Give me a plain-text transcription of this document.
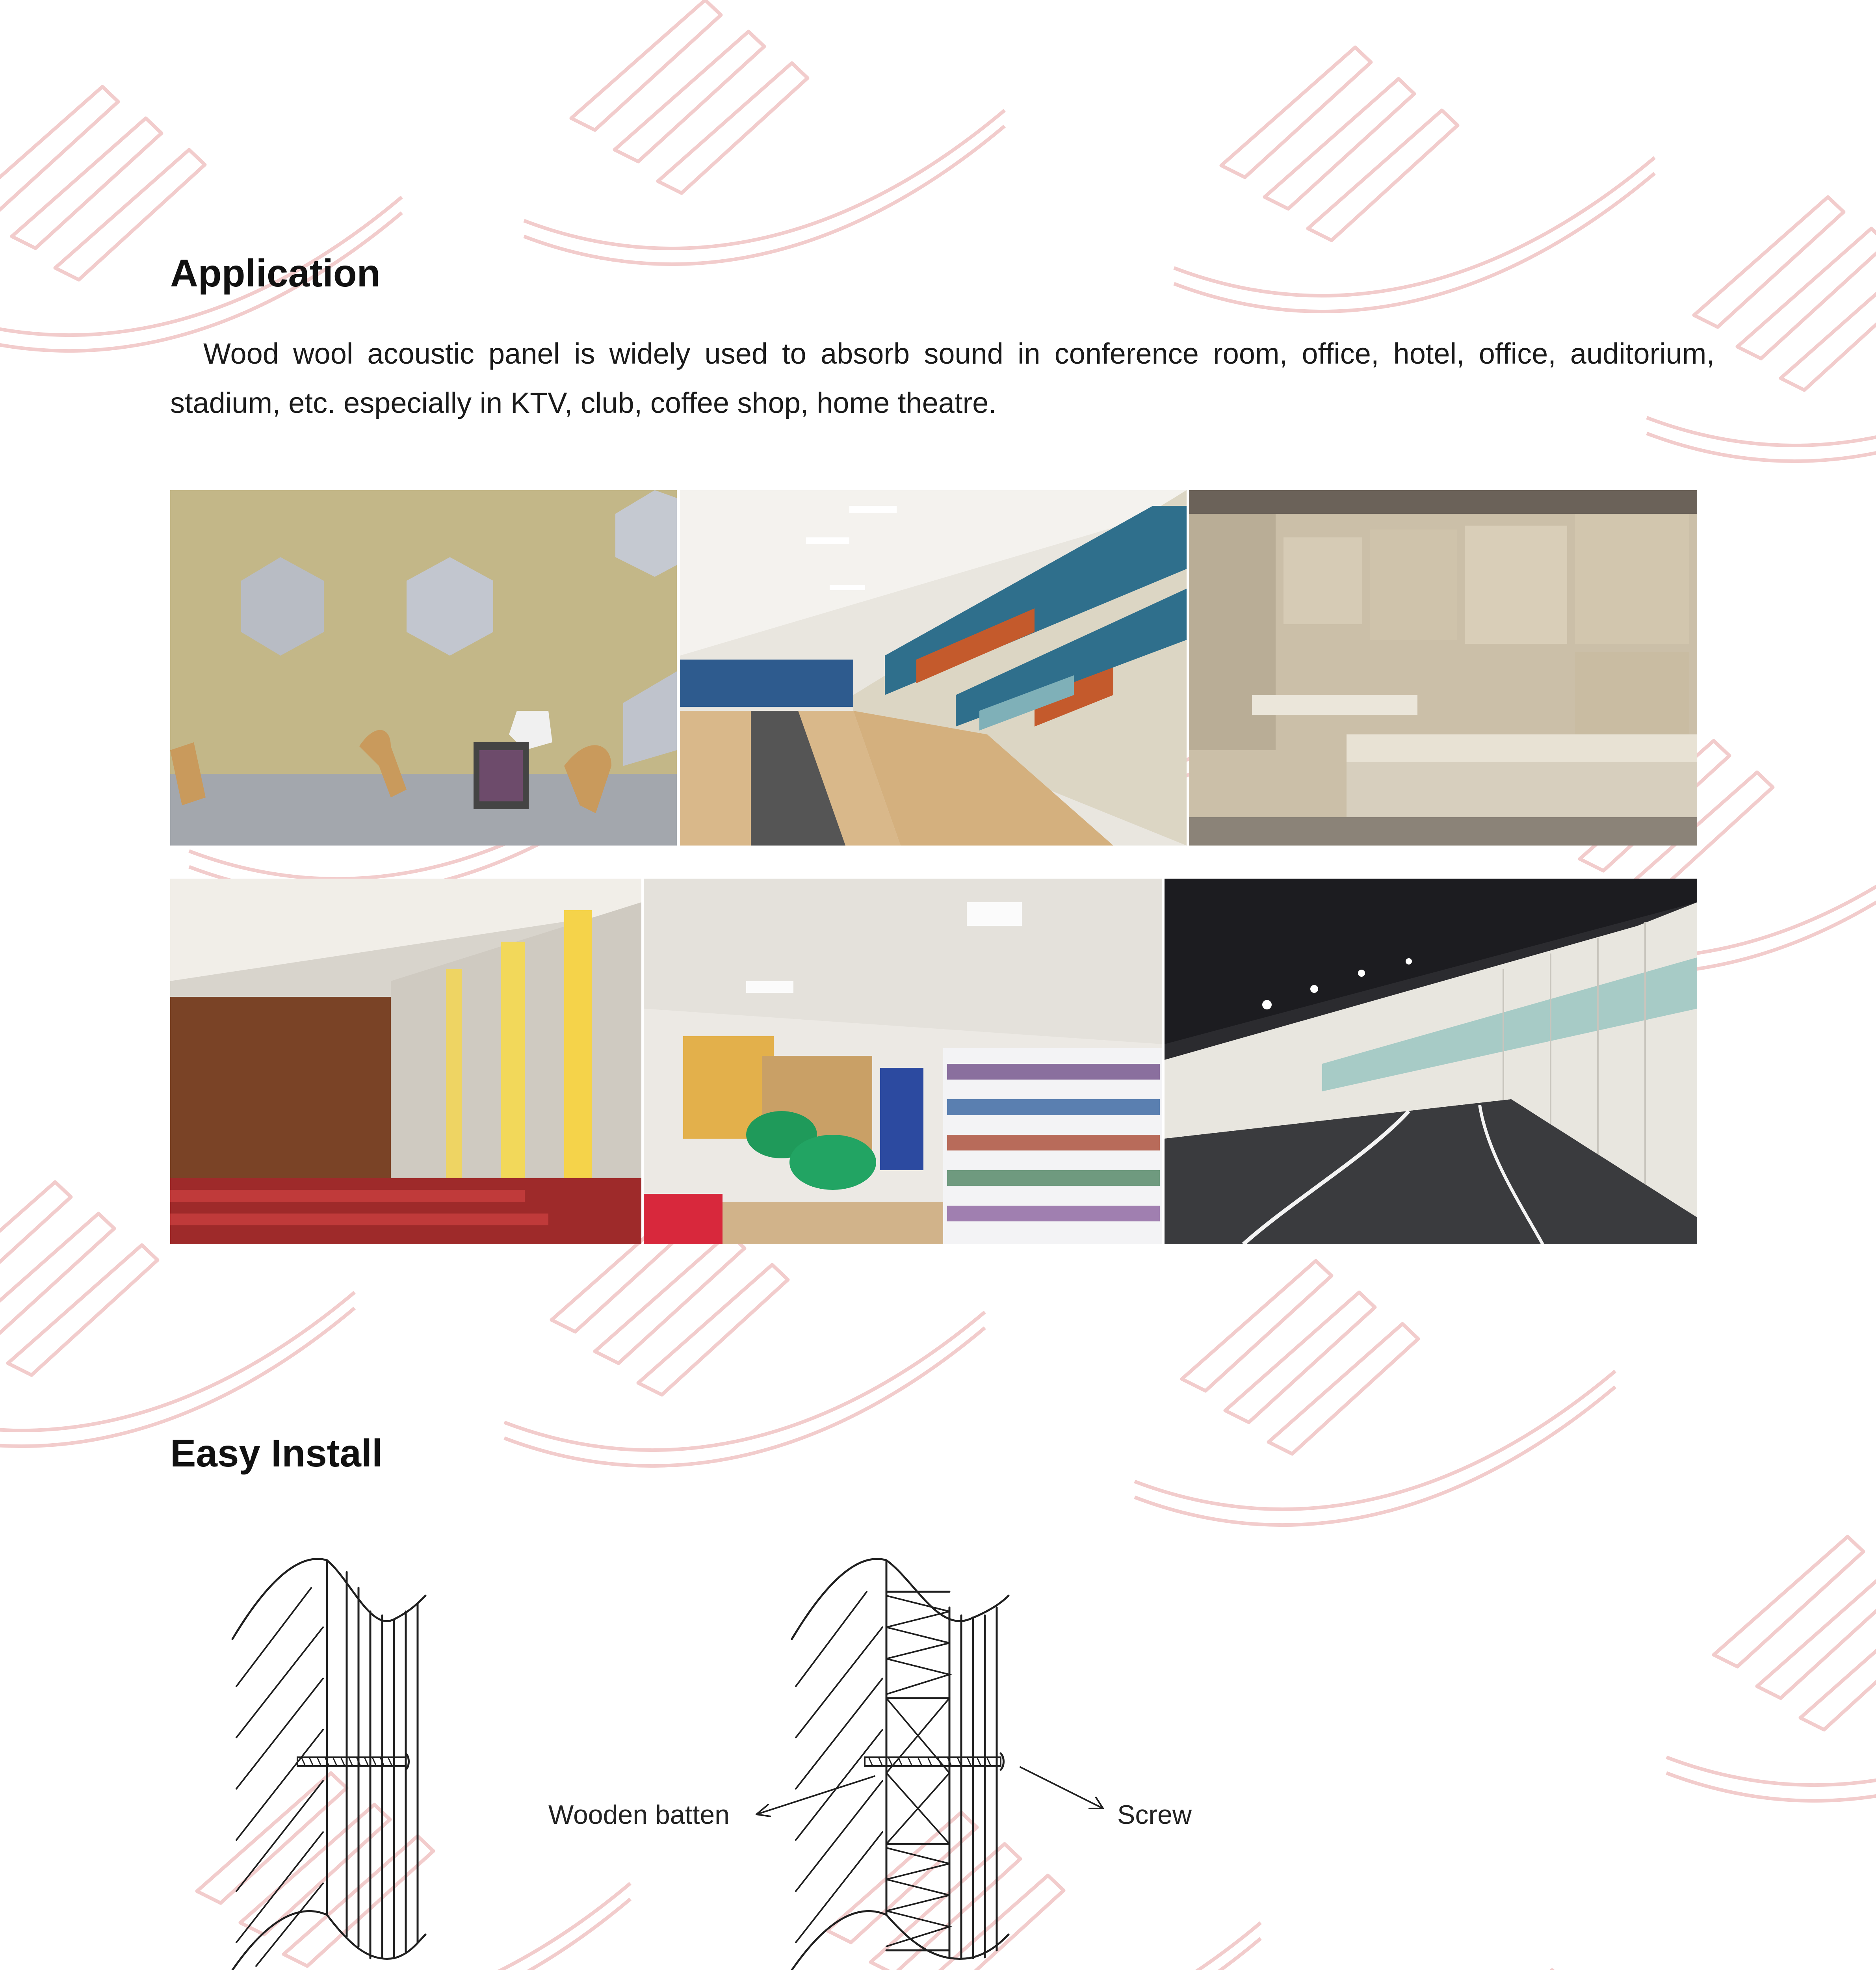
Application

Wood wool acoustic panel is widely used to absorb sound in conference room, office, hotel, office, auditorium, stadium, etc. especially in KTV, club, coffee shop, home theatre.

Easy Install
Wooden batten	Screw
